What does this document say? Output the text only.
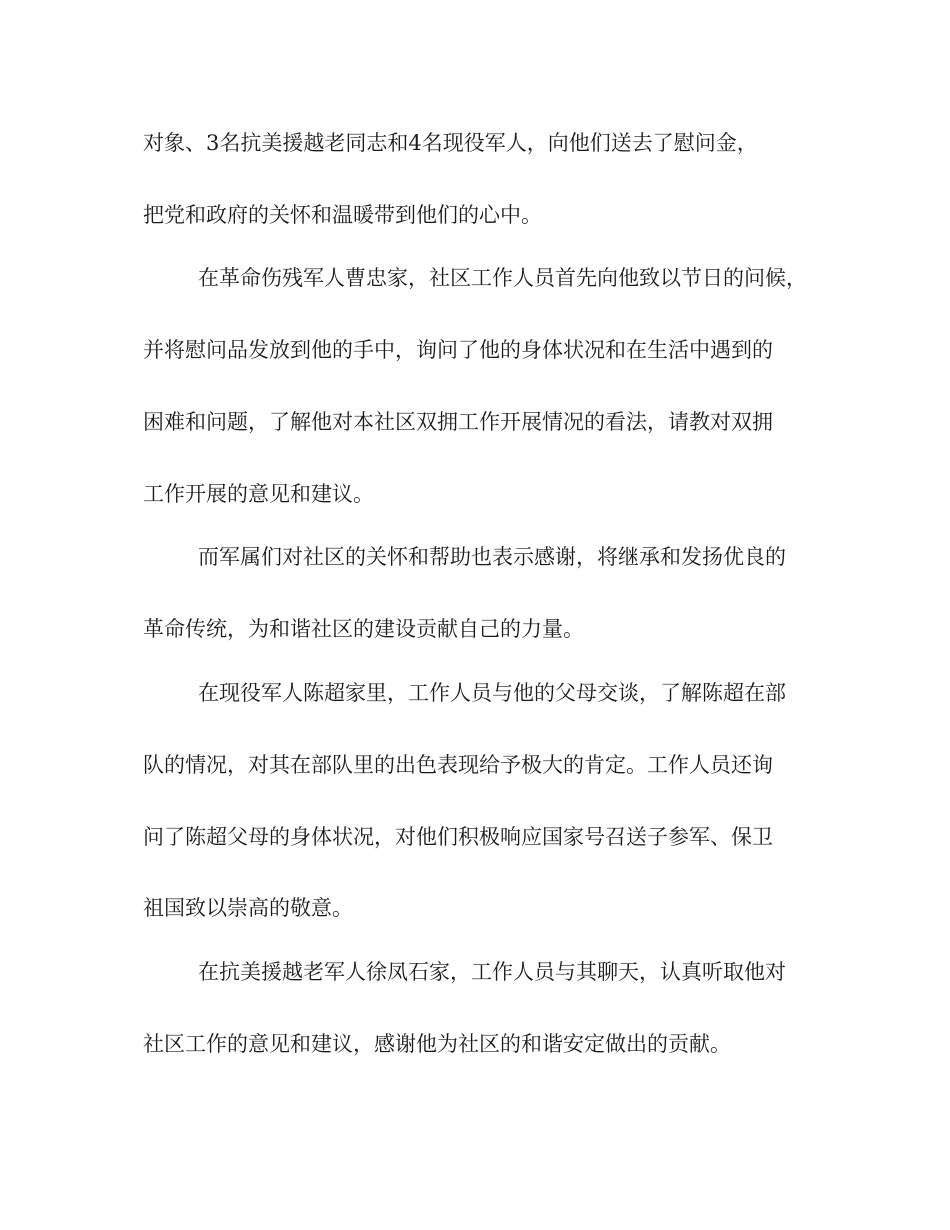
对象、3名抗美援越老同志和4名现役军人，向他们送去了慰问金，

把党和政府的关怀和温暖带到他们的心中。

在革命伤残军人曹忠家，社区工作人员首先向他致以节日的问候，

并将慰问品发放到他的手中，询问了他的身体状况和在生活中遇到的

困难和问题，了解他对本社区双拥工作开展情况的看法，请教对双拥

工作开展的意见和建议。

而军属们对社区的关怀和帮助也表示感谢，将继承和发扬优良的

革命传统，为和谐社区的建设贡献自己的力量。

在现役军人陈超家里，工作人员与他的父母交谈，了解陈超在部

队的情况，对其在部队里的出色表现给予极大的肯定。工作人员还询

问了陈超父母的身体状况，对他们积极响应国家号召送子参军、保卫

祖国致以崇高的敬意。

在抗美援越老军人徐凤石家，工作人员与其聊天，认真听取他对

社区工作的意见和建议，感谢他为社区的和谐安定做出的贡献。
